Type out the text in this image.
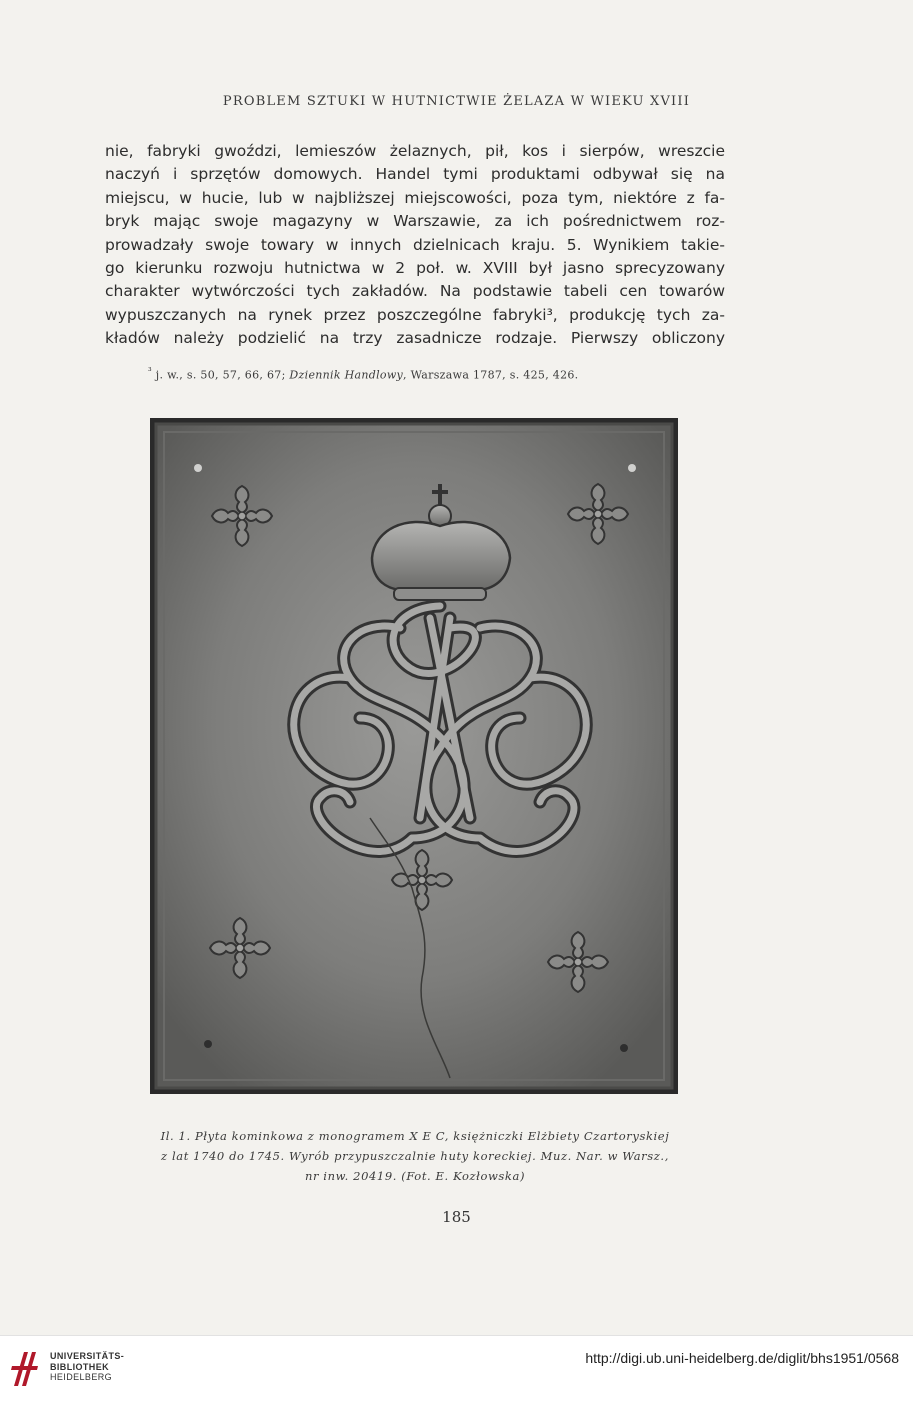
PROBLEM SZTUKI W HUTNICTWIE ŻELAZA W WIEKU XVIII
nie, fabryki gwoździ, lemieszów żelaznych, pił, kos i sierpów, wreszcie
naczyń i sprzętów domowych. Handel tymi produktami odbywał się na
miejscu, w hucie, lub w najbliższej miejscowości, poza tym, niektóre z fa-
bryk mając swoje magazyny w Warszawie, za ich pośrednictwem roz-
prowadzały swoje towary w innych dzielnicach kraju. 5. Wynikiem takie-
go kierunku rozwoju hutnictwa w 2 poł. w. XVIII był jasno sprecyzowany
charakter wytwórczości tych zakładów. Na podstawie tabeli cen towarów
wypuszczanych na rynek przez poszczególne fabryki³, produkcję tych za-
kładów należy podzielić na trzy zasadnicze rodzaje. Pierwszy obliczony
$^{^3}$ j. w., s. 50, 57, 66, 67; Dziennik Handlowy, Warszawa 1787, s. 425, 426.
Il. 1. Płyta kominkowa z monogramem X E C, księżniczki Elżbiety Czartoryskiej
z lat 1740 do 1745. Wyrób przypuszczalnie huty koreckiej. Muz. Nar. w Warsz.,
nr inw. 20419. (Fot. E. Kozłowska)
185
UNIVERSITÄTS-
BIBLIOTHEK
HEIDELBERG
http://digi.ub.uni-heidelberg.de/diglit/bhs1951/0568
